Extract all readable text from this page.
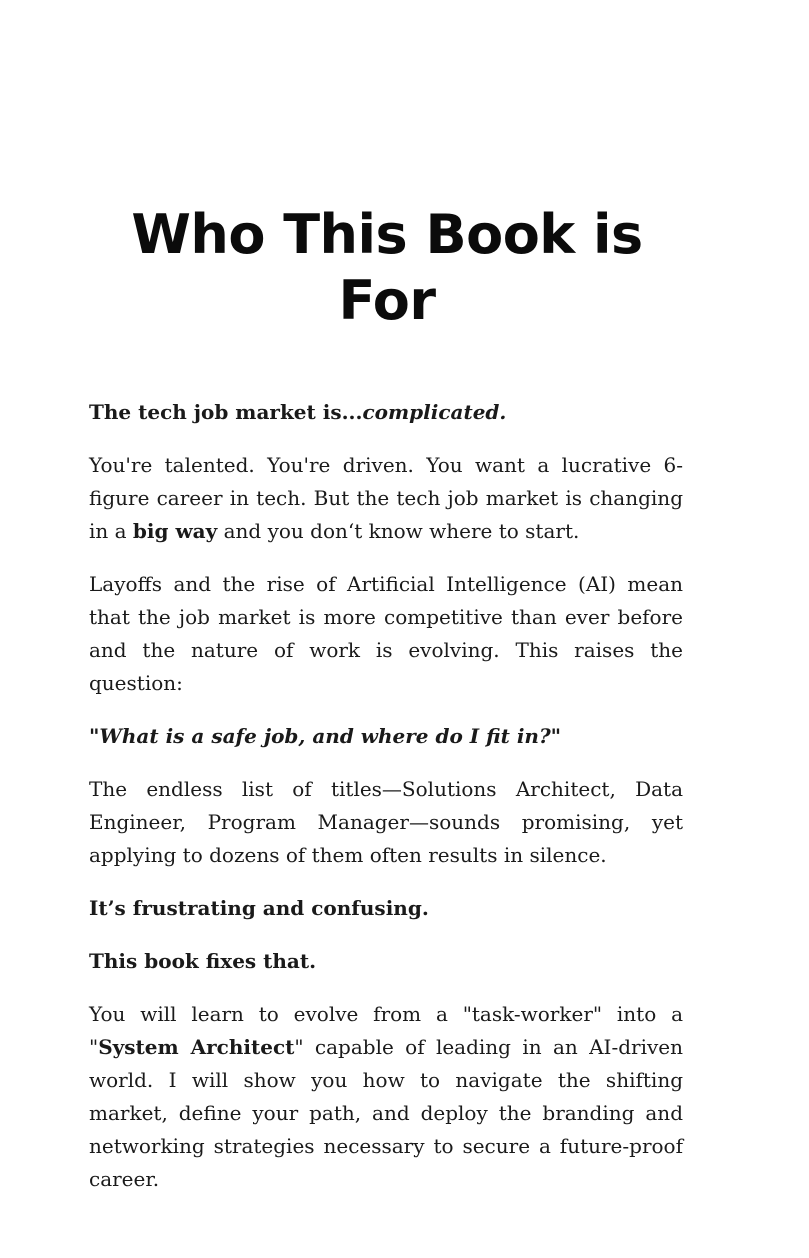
Who This Book is
For

The tech job market is...complicated.

You're talented. You're driven. You want a lucrative 6-figure career in tech. But the tech job market is changing in a big way and you don‘t know where to start.

Layoffs and the rise of Artificial Intelligence (AI) mean that the job market is more competitive than ever before and the nature of work is evolving. This raises the question:

"What is a safe job, and where do I fit in?"

The endless list of titles—Solutions Architect, Data Engineer, Program Manager—sounds promising, yet applying to dozens of them often results in silence.

It’s frustrating and confusing.

This book fixes that.

You will learn to evolve from a "task-worker" into a "System Architect" capable of leading in an AI-driven world. I will show you how to navigate the shifting market, define your path, and deploy the branding and networking strategies necessary to secure a future-proof career.
